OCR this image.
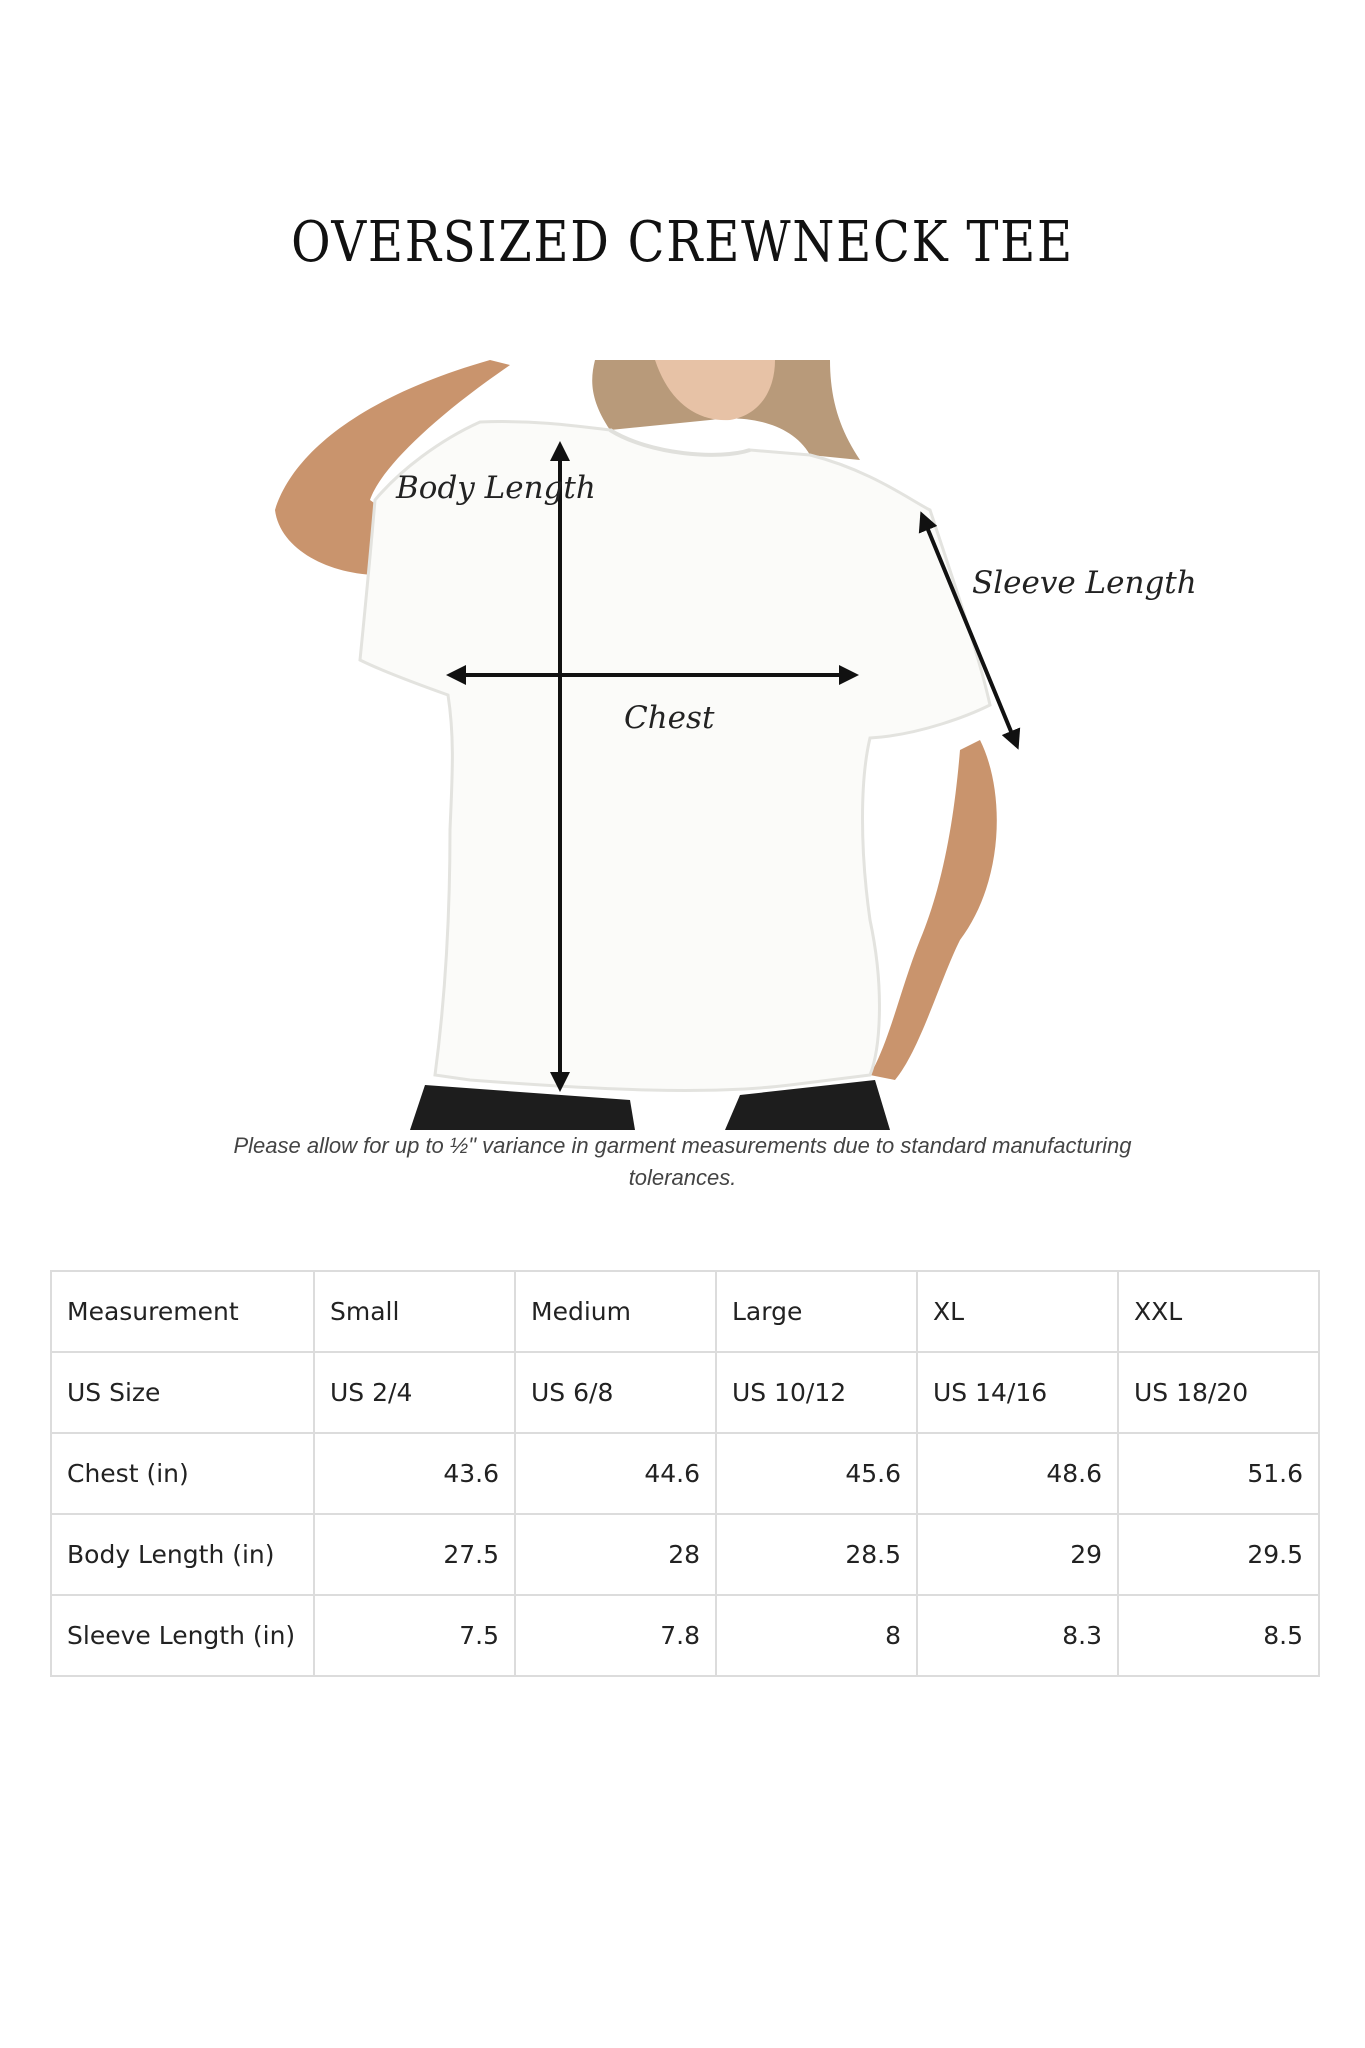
OVERSIZED CREWNECK TEE
Body Length
Sleeve Length
Chest
Please allow for up to ½" variance in garment measurements due to standard manufacturing tolerances.
Measurement	Small	Medium	Large	XL	XXL
US Size	US 2/4	US 6/8	US 10/12	US 14/16	US 18/20
Chest (in)	43.6	44.6	45.6	48.6	51.6
Body Length (in)	27.5	28	28.5	29	29.5
Sleeve Length (in)	7.5	7.8	8	8.3	8.5
